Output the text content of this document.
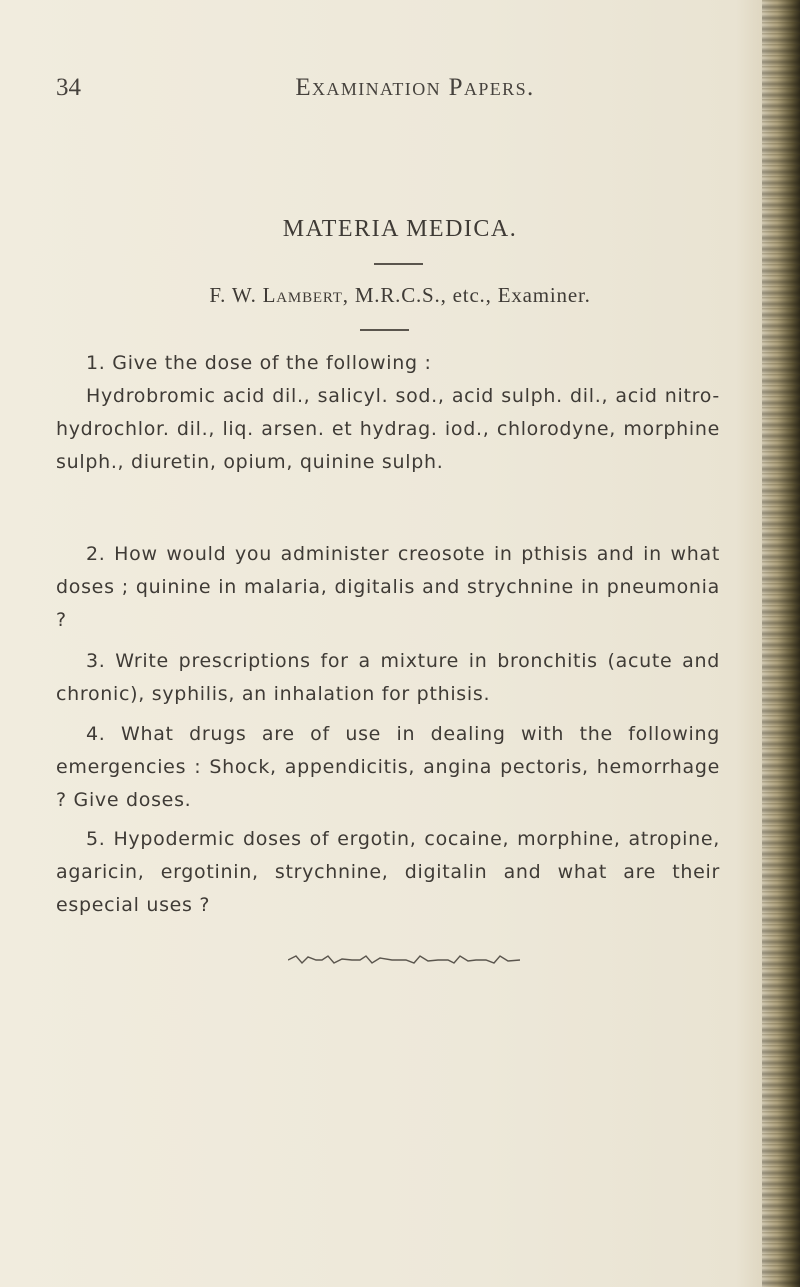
34	Examination Papers.
MATERIA MEDICA.
F. W. Lambert, M.R.C.S., etc., Examiner.
1. Give the dose of the following :
Hydrobromic acid dil., salicyl. sod., acid sulph. dil., acid nitro-hydrochlor. dil., liq. arsen. et hydrag. iod., chlorodyne, morphine sulph., diuretin, opium, quinine sulph.
2. How would you administer creosote in pthisis and in what doses ; quinine in malaria, digitalis and strychnine in pneumonia ?
3. Write prescriptions for a mixture in bronchitis (acute and chronic), syphilis, an inhalation for pthisis.
4. What drugs are of use in dealing with the following emergencies : Shock, appendicitis, angina pectoris, hemorrhage ? Give doses.
5. Hypodermic doses of ergotin, cocaine, morphine, atropine, agaricin, ergotinin, strychnine, digitalin and what are their especial uses ?
